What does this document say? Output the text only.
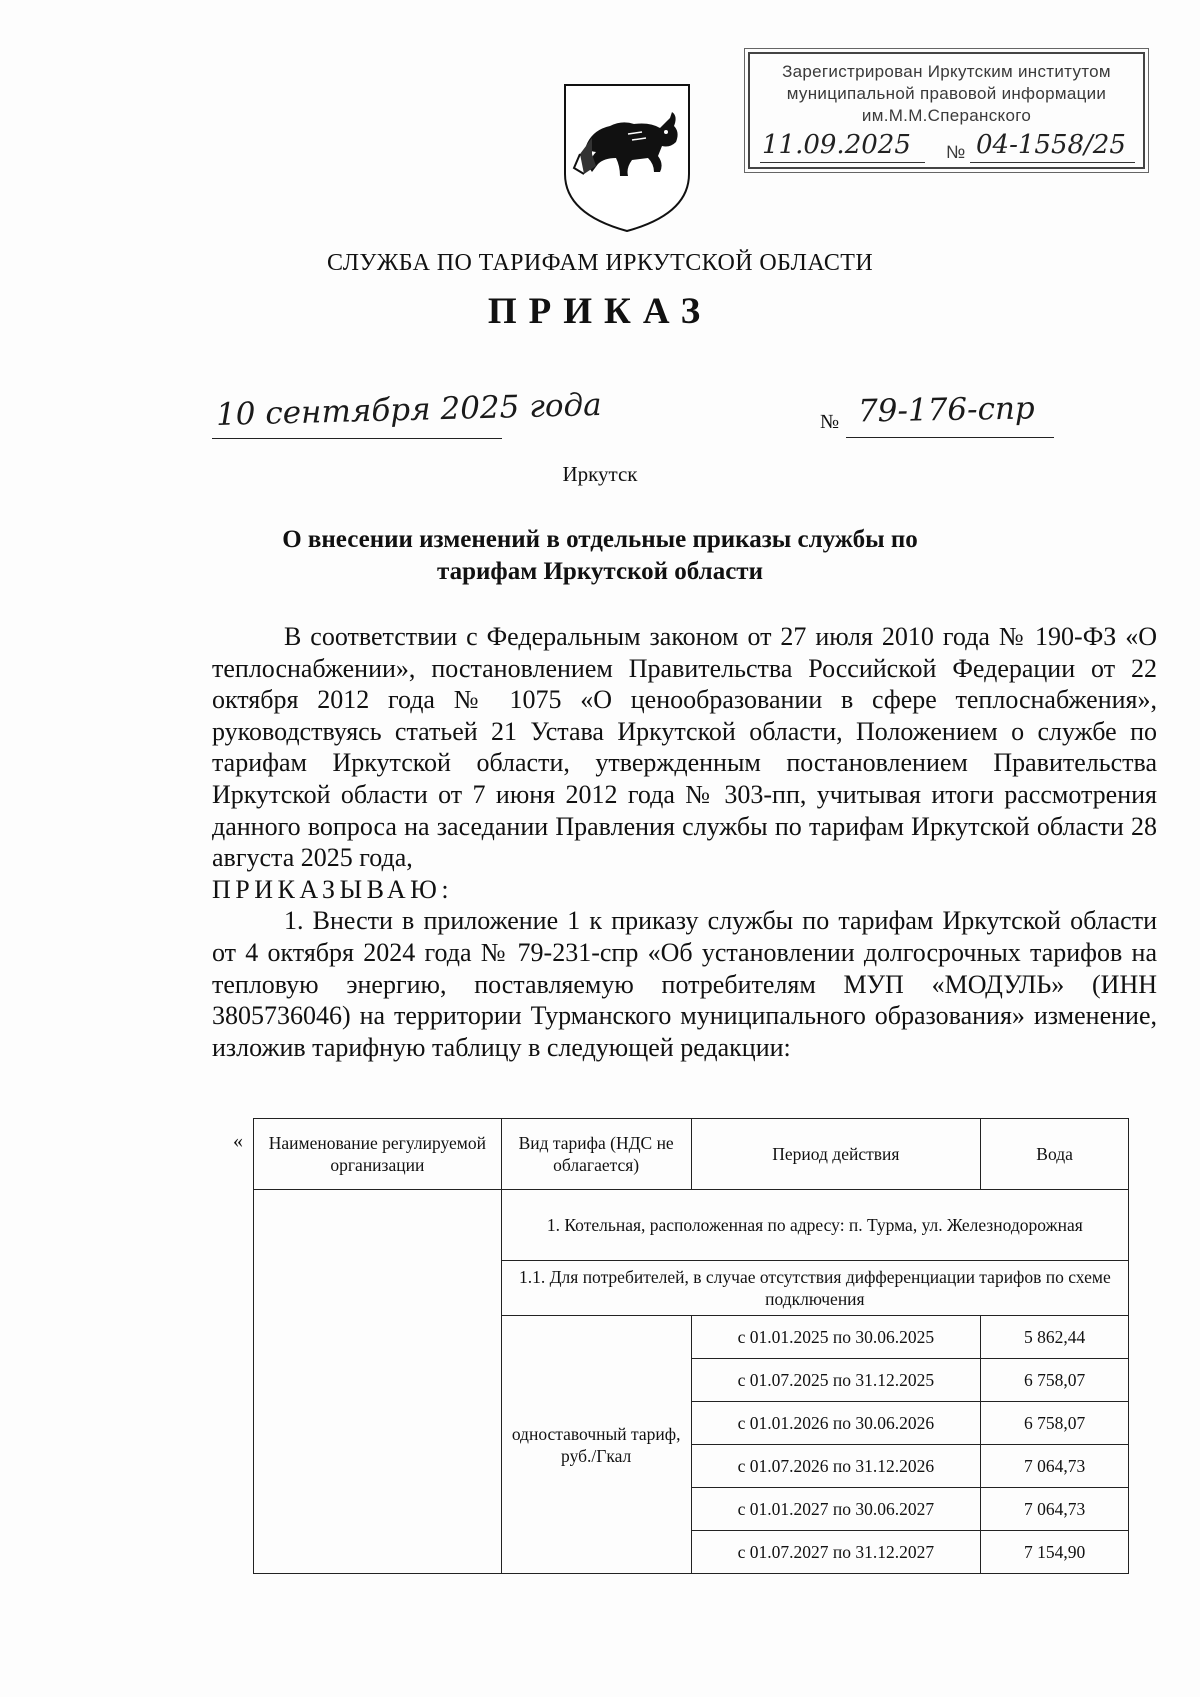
Зарегистрирован Иркутским институтом
муниципальной правовой информации
им.М.М.Сперанского
11.09.2025 № 04-1558/25
СЛУЖБА ПО ТАРИФАМ ИРКУТСКОЙ ОБЛАСТИ
ПРИКАЗ
10 сентября 2025 года	№ 79-176-спр
Иркутск
О внесении изменений в отдельные приказы службы по тарифам Иркутской области

В соответствии с Федеральным законом от 27 июля 2010 года № 190-ФЗ «О теплоснабжении», постановлением Правительства Российской Федерации от 22 октября 2012 года № 1075 «О ценообразовании в сфере теплоснабжения», руководствуясь статьей 21 Устава Иркутской области, Положением о службе по тарифам Иркутской области, утвержденным постановлением Правительства Иркутской области от 7 июня 2012 года № 303-пп, учитывая итоги рассмотрения данного вопроса на заседании Правления службы по тарифам Иркутской области 28 августа 2025 года,

ПРИКАЗЫВАЮ:

1. Внести в приложение 1 к приказу службы по тарифам Иркутской области от 4 октября 2024 года № 79-231-спр «Об установлении долгосрочных тарифов на тепловую энергию, поставляемую потребителям МУП «МОДУЛЬ» (ИНН 3805736046) на территории Турманского муниципального образования» изменение, изложив тарифную таблицу в следующей редакции:

« Наименование регулируемой организации	Вид тарифа (НДС не облагается)	Период действия	Вода
	1. Котельная, расположенная по адресу: п. Турма, ул. Железнодорожная		
	1.1. Для потребителей, в случае отсутствия дифференциации тарифов по схеме подключения		
	одноставочный тариф, руб./Гкал	с 01.01.2025 по 30.06.2025	5 862,44
		с 01.07.2025 по 31.12.2025	6 758,07
		с 01.01.2026 по 30.06.2026	6 758,07
		с 01.07.2026 по 31.12.2026	7 064,73
		с 01.01.2027 по 30.06.2027	7 064,73
		с 01.07.2027 по 31.12.2027	7 154,90
